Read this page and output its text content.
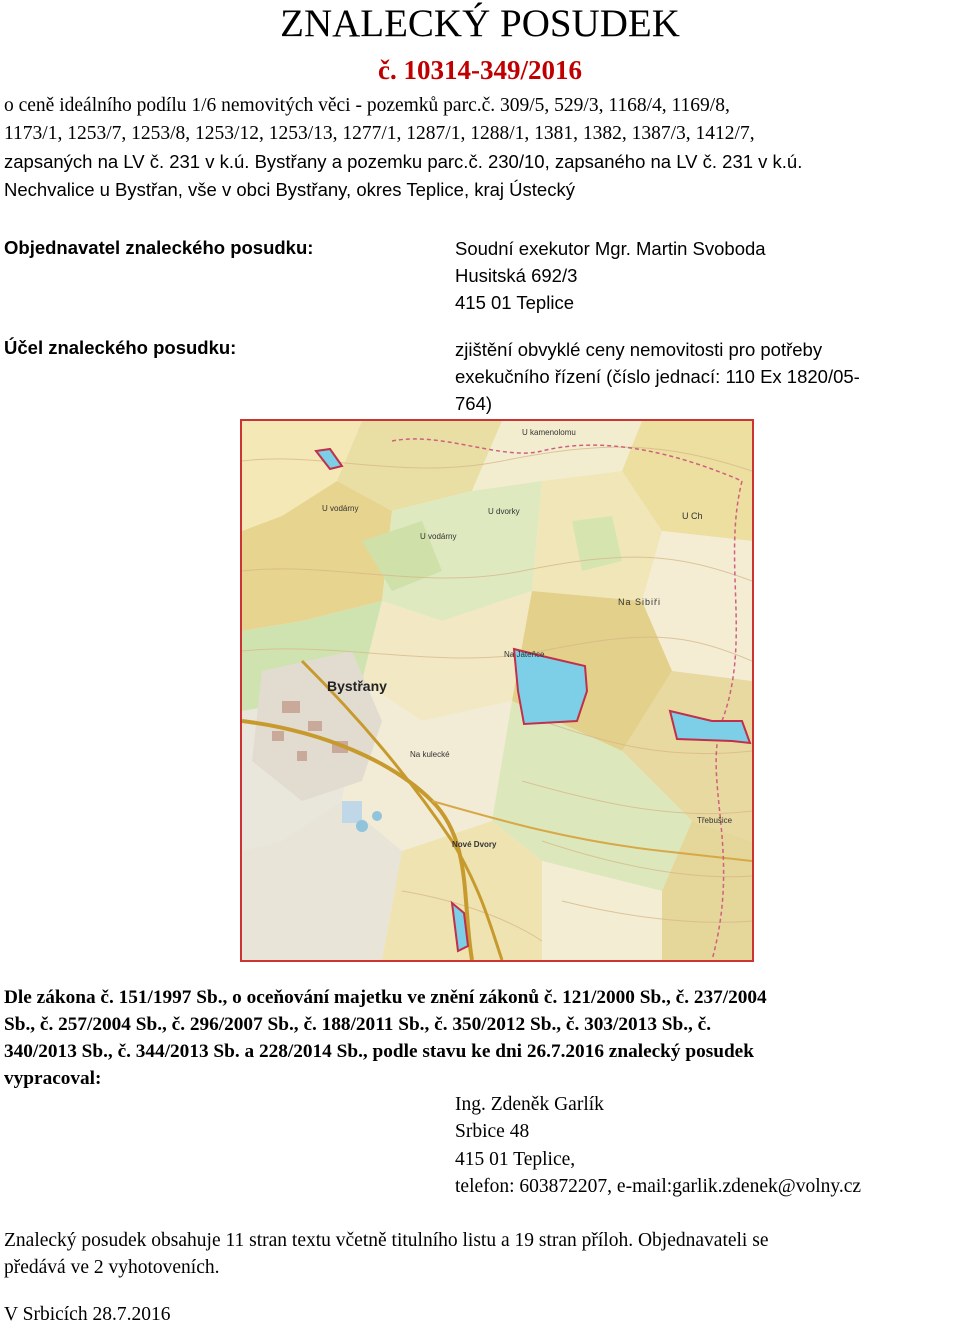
ZNALECKÝ POSUDEK
č. 10314-349/2016
o ceně ideálního podílu 1/6 nemovitých věci - pozemků parc.č. 309/5, 529/3, 1168/4, 1169/8,
1173/1, 1253/7, 1253/8, 1253/12, 1253/13, 1277/1, 1287/1, 1288/1, 1381, 1382, 1387/3, 1412/7,
zapsaných na LV č. 231 v k.ú. Bystřany a pozemku parc.č. 230/10, zapsaného na LV č. 231 v k.ú.
Nechvalice u Bystřan, vše v obci Bystřany, okres Teplice, kraj Ústecký
Objednavatel znaleckého posudku:	Soudní exekutor Mgr. Martin Svoboda
Husitská 692/3
415 01 Teplice
Účel znaleckého posudku:	zjištění obvyklé ceny nemovitosti pro potřeby
exekučního řízení (číslo jednací: 110 Ex 1820/05-
764)
U kamenolomu
U vodárny
U vodárny
U dvorky	U Ch
Na Sibiři
Na Jateňce
Bystřany
Na kulecké
Nové Dvory
Třebušice
Dle zákona č. 151/1997 Sb., o oceňování majetku ve znění zákonů č. 121/2000 Sb., č. 237/2004
Sb., č. 257/2004 Sb., č. 296/2007 Sb., č. 188/2011 Sb., č. 350/2012 Sb., č. 303/2013 Sb., č.
340/2013 Sb., č. 344/2013 Sb. a 228/2014 Sb., podle stavu ke dni 26.7.2016 znalecký posudek
vypracoval:
Ing. Zdeněk Garlík
Srbice 48
415 01 Teplice,
telefon: 603872207, e-mail:garlik.zdenek@volny.cz
Znalecký posudek obsahuje 11 stran textu včetně titulního listu a 19 stran příloh. Objednavateli se
předává ve 2 vyhotoveních.
V Srbicích 28.7.2016
